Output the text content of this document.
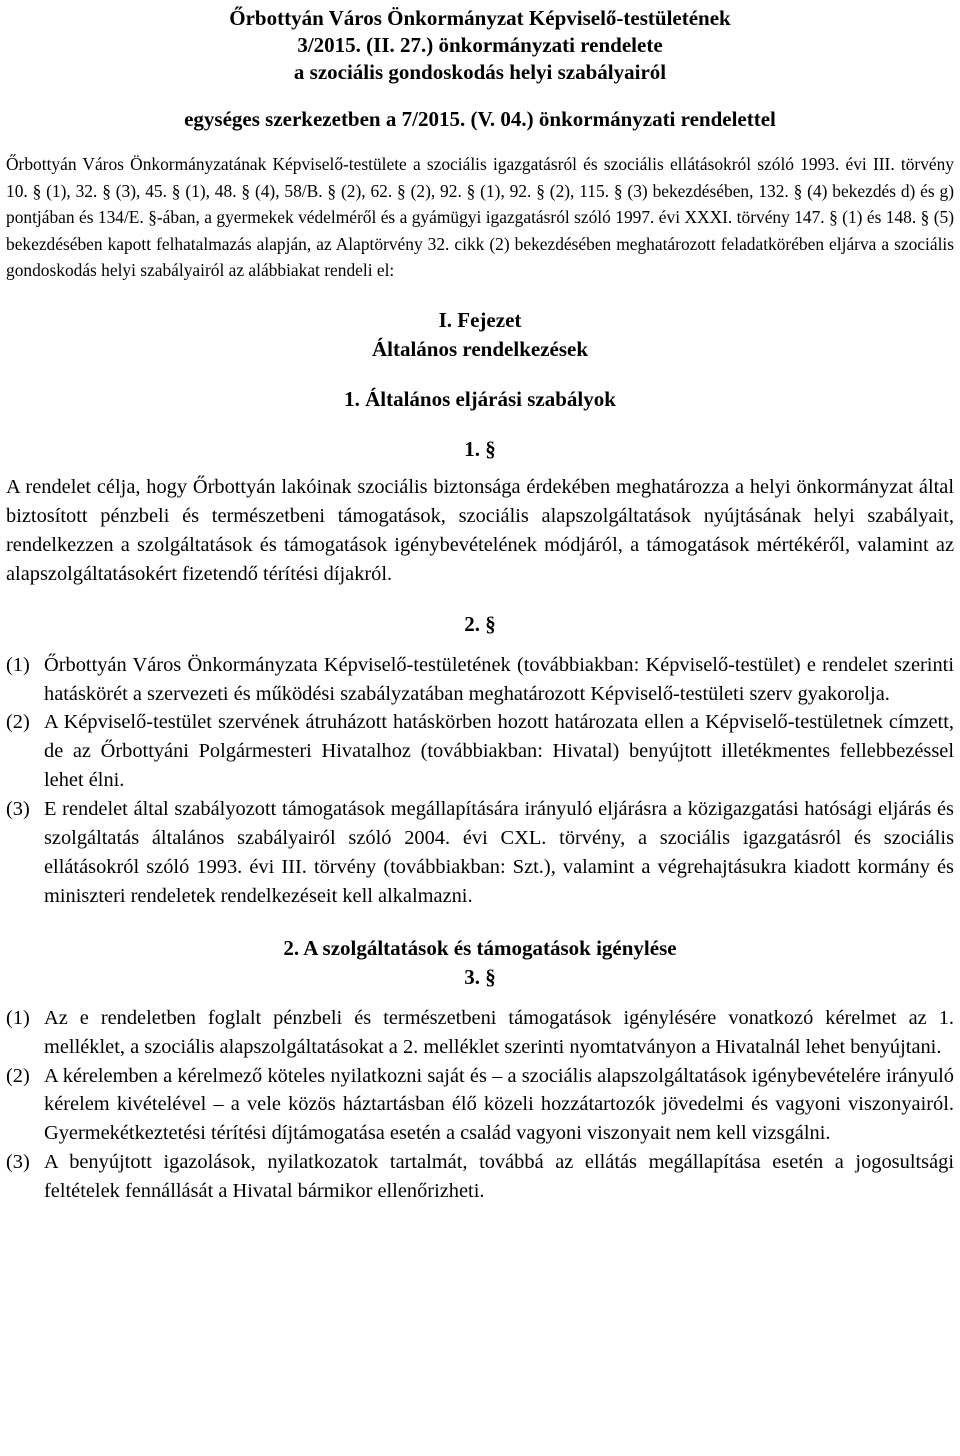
Őrbottyán Város Önkormányzat Képviselő-testületének

3/2015. (II. 27.) önkormányzati rendelete

a szociális gondoskodás helyi szabályairól

egységes szerkezetben a 7/2015. (V. 04.) önkormányzati rendelettel

Őrbottyán Város Önkormányzatának Képviselő-testülete a szociális igazgatásról és szociális ellátásokról szóló 1993. évi III. törvény 10. § (1), 32. § (3), 45. § (1), 48. § (4), 58/B. § (2), 62. § (2), 92. § (1), 92. § (2), 115. § (3) bekezdésében, 132. § (4) bekezdés d) és g) pontjában és 134/E. §-ában, a gyermekek védelméről és a gyámügyi igazgatásról szóló 1997. évi XXXI. törvény 147. § (1) és 148. § (5) bekezdésében kapott felhatalmazás alapján, az Alaptörvény 32. cikk (2) bekezdésében meghatározott feladatkörében eljárva a szociális gondoskodás helyi szabályairól az alábbiakat rendeli el:

I. Fejezet

Általános rendelkezések

1. Általános eljárási szabályok

1. §

A rendelet célja, hogy Őrbottyán lakóinak szociális biztonsága érdekében meghatározza a helyi önkormányzat által biztosított pénzbeli és természetbeni támogatások, szociális alapszolgáltatások nyújtásának helyi szabályait, rendelkezzen a szolgáltatások és támogatások igénybevételének módjáról, a támogatások mértékéről, valamint az alapszolgáltatásokért fizetendő térítési díjakról.

2. §

(1) Őrbottyán Város Önkormányzata Képviselő-testületének (továbbiakban: Képviselő-testület) e rendelet szerinti hatáskörét a szervezeti és működési szabályzatában meghatározott Képviselő-testületi szerv gyakorolja.
(2) A Képviselő-testület szervének átruházott hatáskörben hozott határozata ellen a Képviselő-testületnek címzett, de az Őrbottyáni Polgármesteri Hivatalhoz (továbbiakban: Hivatal) benyújtott illetékmentes fellebbezéssel lehet élni.
(3) E rendelet által szabályozott támogatások megállapítására irányuló eljárásra a közigazgatási hatósági eljárás és szolgáltatás általános szabályairól szóló 2004. évi CXL. törvény, a szociális igazgatásról és szociális ellátásokról szóló 1993. évi III. törvény (továbbiakban: Szt.), valamint a végrehajtásukra kiadott kormány és miniszteri rendeletek rendelkezéseit kell alkalmazni.

2. A szolgáltatások és támogatások igénylése

3. §

(1) Az e rendeletben foglalt pénzbeli és természetbeni támogatások igénylésére vonatkozó kérelmet az 1. melléklet, a szociális alapszolgáltatásokat a 2. melléklet szerinti nyomtatványon a Hivatalnál lehet benyújtani.
(2) A kérelemben a kérelmező köteles nyilatkozni saját és – a szociális alapszolgáltatások igénybevételére irányuló kérelem kivételével – a vele közös háztartásban élő közeli hozzátartozók jövedelmi és vagyoni viszonyairól. Gyermekétkeztetési térítési díjtámogatása esetén a család vagyoni viszonyait nem kell vizsgálni.
(3) A benyújtott igazolások, nyilatkozatok tartalmát, továbbá az ellátás megállapítása esetén a jogosultsági feltételek fennállását a Hivatal bármikor ellenőrizheti.
